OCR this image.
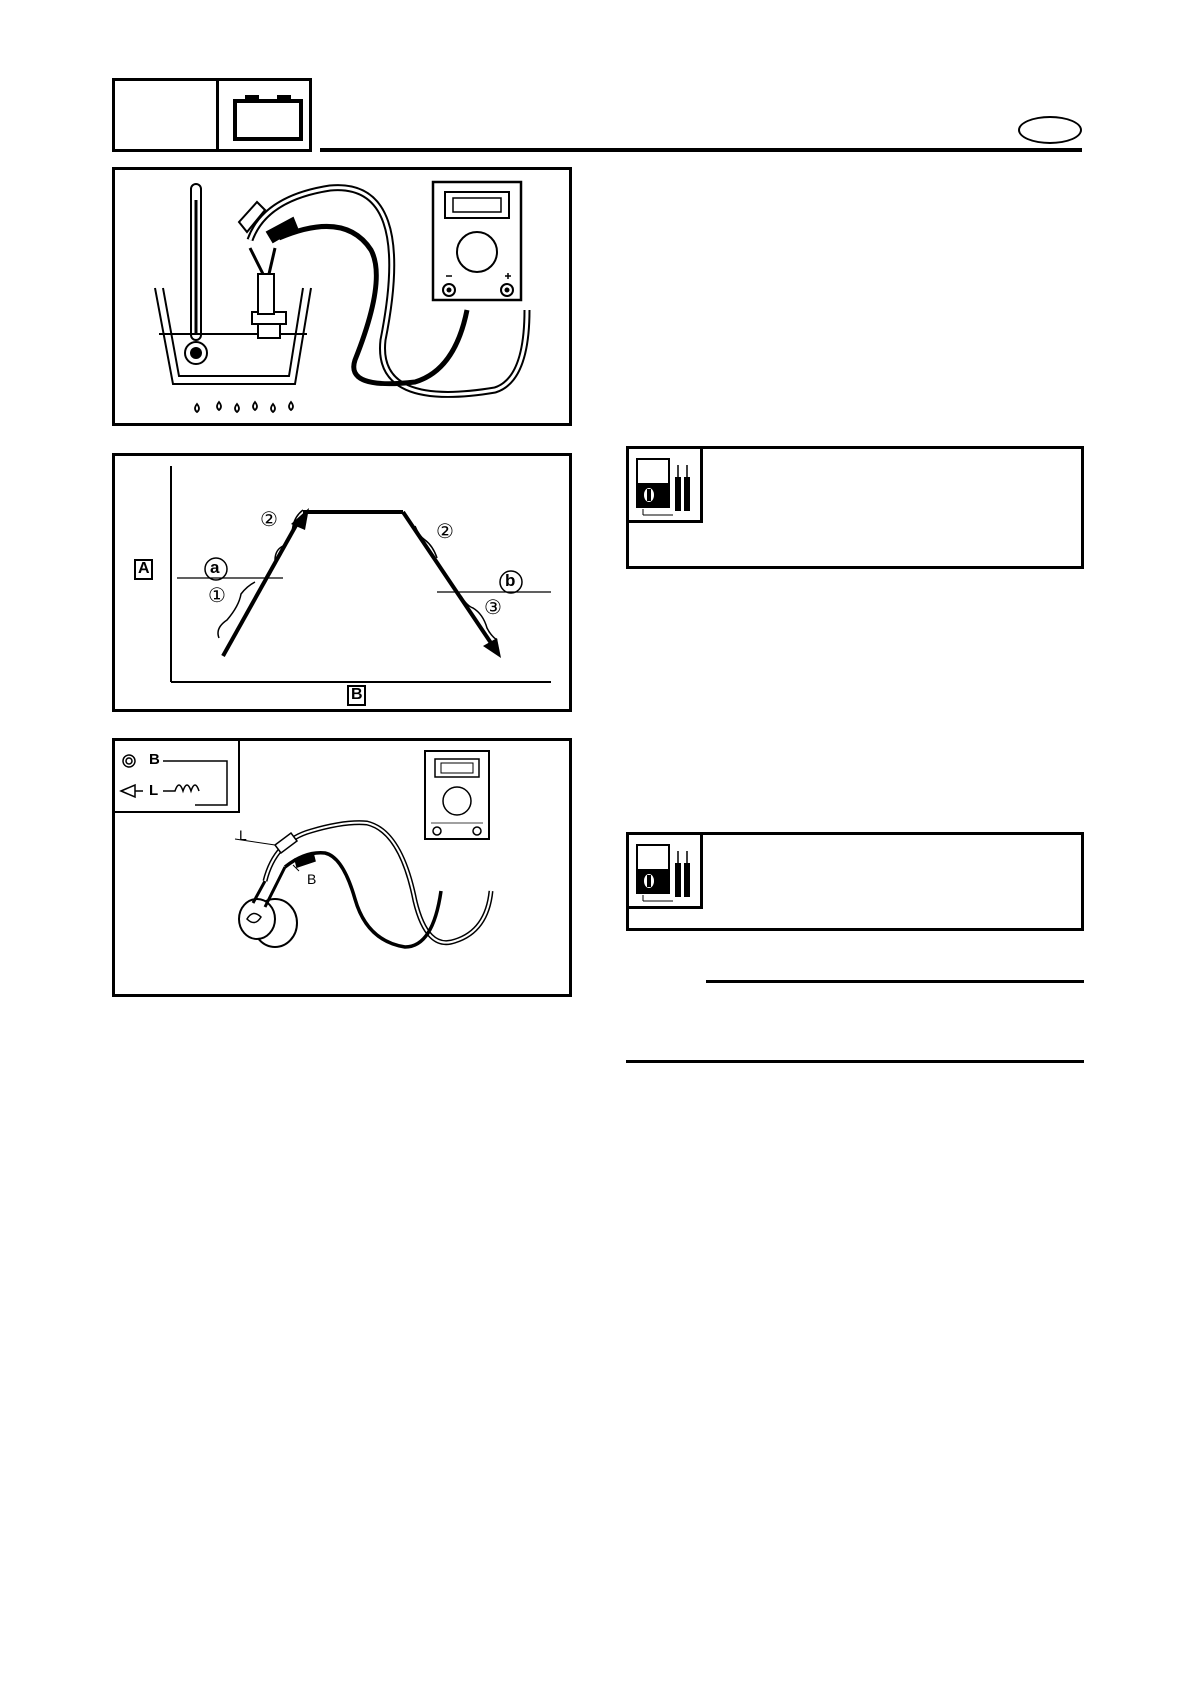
A
B
a
b
①
②
②
③
B
L
L
B
